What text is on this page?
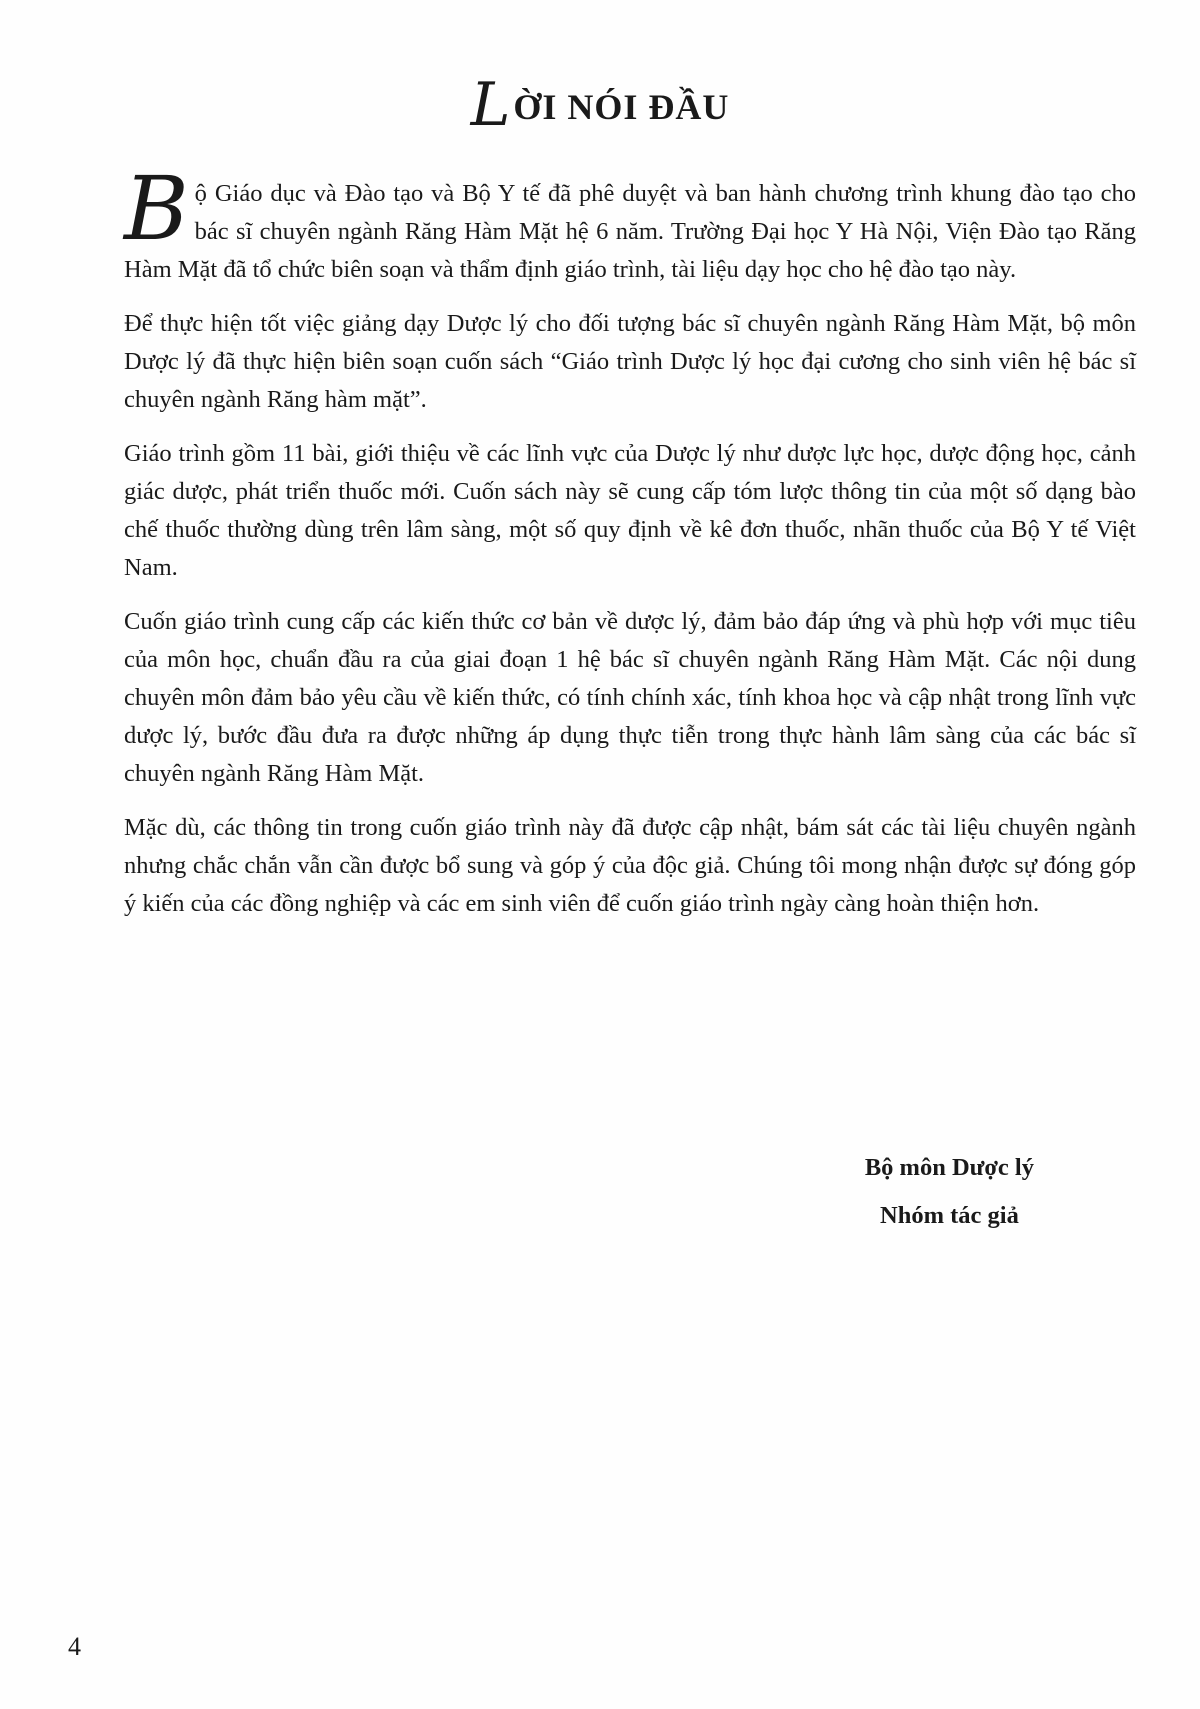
LỜI NÓI ĐẦU

Bộ Giáo dục và Đào tạo và Bộ Y tế đã phê duyệt và ban hành chương trình khung đào tạo cho bác sĩ chuyên ngành Răng Hàm Mặt hệ 6 năm. Trường Đại học Y Hà Nội, Viện Đào tạo Răng Hàm Mặt đã tổ chức biên soạn và thẩm định giáo trình, tài liệu dạy học cho hệ đào tạo này.

Để thực hiện tốt việc giảng dạy Dược lý cho đối tượng bác sĩ chuyên ngành Răng Hàm Mặt, bộ môn Dược lý đã thực hiện biên soạn cuốn sách “Giáo trình Dược lý học đại cương cho sinh viên hệ bác sĩ chuyên ngành Răng hàm mặt”.

Giáo trình gồm 11 bài, giới thiệu về các lĩnh vực của Dược lý như dược lực học, dược động học, cảnh giác dược, phát triển thuốc mới. Cuốn sách này sẽ cung cấp tóm lược thông tin của một số dạng bào chế thuốc thường dùng trên lâm sàng, một số quy định về kê đơn thuốc, nhãn thuốc của Bộ Y tế Việt Nam.

Cuốn giáo trình cung cấp các kiến thức cơ bản về dược lý, đảm bảo đáp ứng và phù hợp với mục tiêu của môn học, chuẩn đầu ra của giai đoạn 1 hệ bác sĩ chuyên ngành Răng Hàm Mặt. Các nội dung chuyên môn đảm bảo yêu cầu về kiến thức, có tính chính xác, tính khoa học và cập nhật trong lĩnh vực dược lý, bước đầu đưa ra được những áp dụng thực tiễn trong thực hành lâm sàng của các bác sĩ chuyên ngành Răng Hàm Mặt.

Mặc dù, các thông tin trong cuốn giáo trình này đã được cập nhật, bám sát các tài liệu chuyên ngành nhưng chắc chắn vẫn cần được bổ sung và góp ý của độc giả. Chúng tôi mong nhận được sự đóng góp ý kiến của các đồng nghiệp và các em sinh viên để cuốn giáo trình ngày càng hoàn thiện hơn.

Bộ môn Dược lý
Nhóm tác giả
4
